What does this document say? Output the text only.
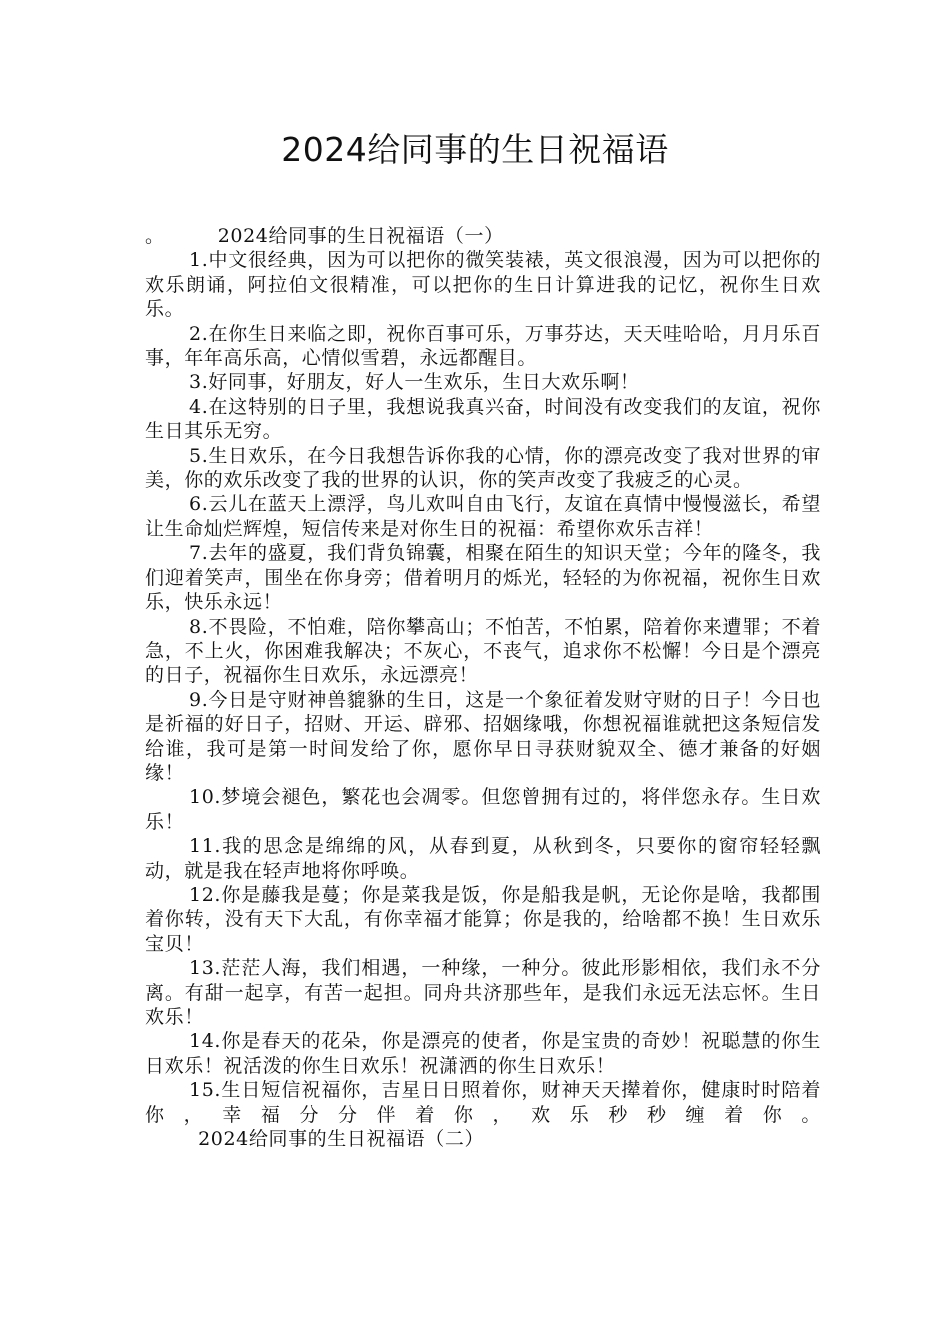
2024给同事的生日祝福语

。        2024给同事的生日祝福语（一）

1.中文很经典，因为可以把你的微笑装裱，英文很浪漫，因为可以把你的欢乐朗诵，阿拉伯文很精准，可以把你的生日计算进我的记忆，祝你生日欢乐。

2.在你生日来临之即，祝你百事可乐，万事芬达，天天哇哈哈，月月乐百事，年年高乐高，心情似雪碧，永远都醒目。

3.好同事，好朋友，好人一生欢乐，生日大欢乐啊！

4.在这特别的日子里，我想说我真兴奋，时间没有改变我们的友谊，祝你生日其乐无穷。

5.生日欢乐，在今日我想告诉你我的心情，你的漂亮改变了我对世界的审美，你的欢乐改变了我的世界的认识，你的笑声改变了我疲乏的心灵。

6.云儿在蓝天上漂浮，鸟儿欢叫自由飞行，友谊在真情中慢慢滋长，希望让生命灿烂辉煌，短信传来是对你生日的祝福：希望你欢乐吉祥！

7.去年的盛夏，我们背负锦囊，相聚在陌生的知识天堂；今年的隆冬，我们迎着笑声，围坐在你身旁；借着明月的烁光，轻轻的为你祝福，祝你生日欢乐，快乐永远！

8.不畏险，不怕难，陪你攀高山；不怕苦，不怕累，陪着你来遭罪；不着急，不上火，你困难我解决；不灰心，不丧气，追求你不松懈！今日是个漂亮的日子，祝福你生日欢乐，永远漂亮！

9.今日是守财神兽貔貅的生日，这是一个象征着发财守财的日子！今日也是祈福的好日子，招财、开运、辟邪、招姻缘哦，你想祝福谁就把这条短信发给谁，我可是第一时间发给了你，愿你早日寻获财貌双全、德才兼备的好姻缘！

10.梦境会褪色，繁花也会凋零。但您曾拥有过的，将伴您永存。生日欢乐！

11.我的思念是绵绵的风，从春到夏，从秋到冬，只要你的窗帘轻轻飘动，就是我在轻声地将你呼唤。

12.你是藤我是蔓；你是菜我是饭，你是船我是帆，无论你是啥，我都围着你转，没有天下大乱，有你幸福才能算；你是我的，给啥都不换！生日欢乐宝贝！

13.茫茫人海，我们相遇，一种缘，一种分。彼此形影相依，我们永不分离。有甜一起享，有苦一起担。同舟共济那些年，是我们永远无法忘怀。生日欢乐！

14.你是春天的花朵，你是漂亮的使者，你是宝贵的奇妙！祝聪慧的你生日欢乐！祝活泼的你生日欢乐！祝潇洒的你生日欢乐！

15.生日短信祝福你，吉星日日照着你，财神天天撵着你，健康时时陪着你，幸福分分伴着你，欢乐秒秒缠着你。        2024给同事的生日祝福语（二）
